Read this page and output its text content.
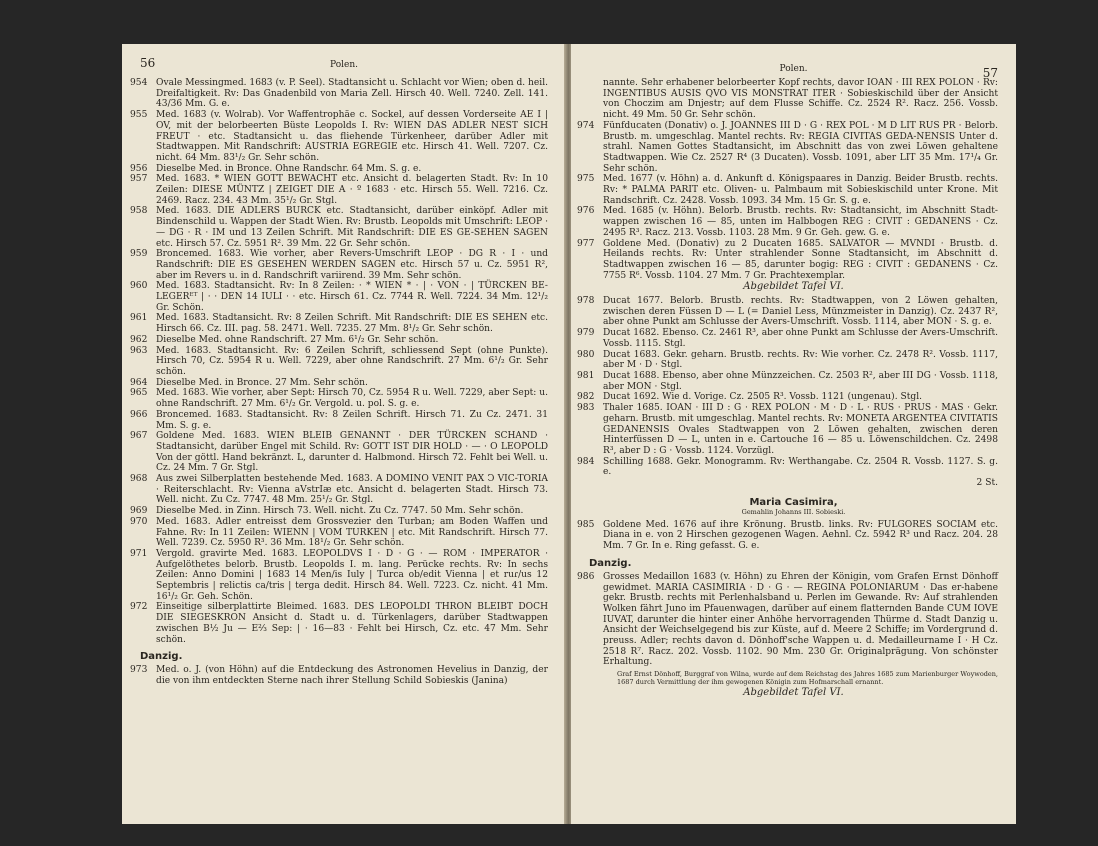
56	Polen.
954 Ovale Messingmed. 1683 (v. P. Seel). Stadtansicht u. Schlacht vor Wien; oben d. heil. Dreifaltigkeit. Rv: Das Gnadenbild von Maria Zell. Hirsch 40. Well. 7240. Zell. 141. 43/36 Mm. G. e.
955 Med. 1683 (v. Wolrab). Vor Waffentrophäe c. Sockel, auf dessen Vorderseite AE I | OV, mit der belorbeerten Büste Leopolds I. Rv: WIEN DAS ADLER NEST SICH FREUT · etc. Stadtansicht u. das fliehende Türkenheer, darüber Adler mit Stadtwappen. Mit Randschrift: AUSTRIA EGREGIE etc. Hirsch 41. Well. 7207. Cz. nicht. 64 Mm. 83¹/₂ Gr. Sehr schön.
956 Dieselbe Med. in Bronce. Ohne Randschr. 64 Mm. S. g. e.
957 Med. 1683. * WIEN GOTT BEWACHT etc. Ansicht d. belagerten Stadt. Rv: In 10 Zeilen: DIESE MÜNTZ | ZEIGET DIE A · º 1683 · etc. Hirsch 55. Well. 7216. Cz. 2469. Racz. 234. 43 Mm. 35¹/₂ Gr. Stgl.
958 Med. 1683. DIE ADLERS BURCK etc. Stadtansicht, darüber einköpf. Adler mit Bindenschild u. Wappen der Stadt Wien. Rv: Brustb. Leopolds mit Umschrift: LEOP · — DG · R · IM und 13 Zeilen Schrift. Mit Randschrift: DIE ES GE-SEHEN SAGEN etc. Hirsch 57. Cz. 5951 R². 39 Mm. 22 Gr. Sehr schön.
959 Broncemed. 1683. Wie vorher, aber Revers-Umschrift LEOP · DG R · I · und Randschrift: DIE ES GESEHEN WERDEN SAGEN etc. Hirsch 57 u. Cz. 5951 R², aber im Revers u. in d. Randschrift variirend. 39 Mm. Sehr schön.
960 Med. 1683. Stadtansicht. Rv: In 8 Zeilen: · * WIEN * · | · VON · | TÜRCKEN BE-LEGERᴱᵀ | · · DEN 14 IULI · · etc. Hirsch 61. Cz. 7744 R. Well. 7224. 34 Mm. 12¹/₂ Gr. Schön.
961 Med. 1683. Stadtansicht. Rv: 8 Zeilen Schrift. Mit Randschrift: DIE ES SEHEN etc. Hirsch 66. Cz. III. pag. 58. 2471. Well. 7235. 27 Mm. 8¹/₂ Gr. Sehr schön.
962 Dieselbe Med. ohne Randschrift. 27 Mm. 6¹/₂ Gr. Sehr schön.
963 Med. 1683. Stadtansicht. Rv: 6 Zeilen Schrift, schliessend Sept (ohne Punkte). Hirsch 70, Cz. 5954 R u. Well. 7229, aber ohne Randschrift. 27 Mm. 6¹/₂ Gr. Sehr schön.
964 Dieselbe Med. in Bronce. 27 Mm. Sehr schön.
965 Med. 1683. Wie vorher, aber Sept: Hirsch 70, Cz. 5954 R u. Well. 7229, aber Sept: u. ohne Randschrift. 27 Mm. 6¹/₂ Gr. Vergold. u. pol. S. g. e.
966 Broncemed. 1683. Stadtansicht. Rv: 8 Zeilen Schrift. Hirsch 71. Zu Cz. 2471. 31 Mm. S. g. e.
967 Goldene Med. 1683. WIEN BLEIB GENANNT · DER TÜRCKEN SCHAND · Stadtansicht, darüber Engel mit Schild. Rv: GOTT IST DIR HOLD · — · O LEOPOLD Von der göttl. Hand bekränzt. L, darunter d. Halbmond. Hirsch 72. Fehlt bei Well. u. Cz. 24 Mm. 7 Gr. Stgl.
968 Aus zwei Silberplatten bestehende Med. 1683. A DOMINO VENIT PAX Ↄ VIC-TORIA · Reiterschlacht. Rv: Vienna aVstrIæ etc. Ansicht d. belagerten Stadt. Hirsch 73. Well. nicht. Zu Cz. 7747. 48 Mm. 25¹/₂ Gr. Stgl.
969 Dieselbe Med. in Zinn. Hirsch 73. Well. nicht. Zu Cz. 7747. 50 Mm. Sehr schön.
970 Med. 1683. Adler entreisst dem Grossvezier den Turban; am Boden Waffen und Fahne. Rv: In 11 Zeilen: WIENN | VOM TURKEN | etc. Mit Randschrift. Hirsch 77. Well. 7239. Cz. 5950 R³. 36 Mm. 18¹/₂ Gr. Sehr schön.
971 Vergold. gravirte Med. 1683. LEOPOLDVS I · D · G · — ROM · IMPERATOR · Aufgelöthetes belorb. Brustb. Leopolds I. m. lang. Perücke rechts. Rv: In sechs Zeilen: Anno Domini | 1683 14 Men/is Iuly | Turca ob/edit Vienna | et ruɾ/us 12 Septembris | relictis ca/tris | terga dedit. Hirsch 84. Well. 7223. Cz. nicht. 41 Mm. 16¹/₂ Gr. Geh. Schön.
972 Einseitige silberplattirte Bleimed. 1683. DES LEOPOLDI THRON BLEIBT DOCH DIE SIEGESKRON Ansicht d. Stadt u. d. Türkenlagers, darüber Stadtwappen zwischen B½ Ju — E⅔ Sep: | · 16—83 · Fehlt bei Hirsch, Cz. etc. 47 Mm. Sehr schön.
Danzig.
973 Med. o. J. (von Höhn) auf die Entdeckung des Astronomen Hevelius in Danzig, der die von ihm entdeckten Sterne nach ihrer Stellung Schild Sobieskis (Janina)
Polen.	57
nannte. Sehr erhabener belorbeerter Kopf rechts, davor IOAN · III REX POLON · Rv: INGENTIBUS AUSIS QVO VIS MONSTRAT ITER · Sobieskischild über der Ansicht von Choczim am Dnjestr; auf dem Flusse Schiffe. Cz. 2524 R². Racz. 256. Vossb. nicht. 49 Mm. 50 Gr. Sehr schön.
974 Fünfducaten (Donativ) o. J. JOANNES III D · G · REX POL · M D LIT RUS PR · Belorb. Brustb. m. umgeschlag. Mantel rechts. Rv: REGIA CIVITAS GEDA-NENSIS Unter d. strahl. Namen Gottes Stadtansicht, im Abschnitt das von zwei Löwen gehaltene Stadtwappen. Wie Cz. 2527 R⁴ (3 Ducaten). Vossb. 1091, aber LIT 35 Mm. 17¹/₄ Gr. Sehr schön.
975 Med. 1677 (v. Höhn) a. d. Ankunft d. Königspaares in Danzig. Beider Brustb. rechts. Rv: * PALMA PARIT etc. Oliven- u. Palmbaum mit Sobieskischild unter Krone. Mit Randschrift. Cz. 2428. Vossb. 1093. 34 Mm. 15 Gr. S. g. e.
976 Med. 1685 (v. Höhn). Belorb. Brustb. rechts. Rv: Stadtansicht, im Abschnitt Stadt-wappen zwischen 16 — 85, unten im Halbbogen REG : CIVIT : GEDANENS · Cz. 2495 R³. Racz. 213. Vossb. 1103. 28 Mm. 9 Gr. Geh. gew. G. e.
977 Goldene Med. (Donativ) zu 2 Ducaten 1685. SALVATOR — MVNDI · Brustb. d. Heilands rechts. Rv: Unter strahlender Sonne Stadtansicht, im Abschnitt d. Stadtwappen zwischen 16 — 85, darunter bogig: REG : CIVIT : GEDANENS · Cz. 7755 R⁶. Vossb. 1104. 27 Mm. 7 Gr. Prachtexemplar.
Abgebildet Tafel VI.
978 Ducat 1677. Belorb. Brustb. rechts. Rv: Stadtwappen, von 2 Löwen gehalten, zwischen deren Füssen D — L (= Daniel Less, Münzmeister in Danzig). Cz. 2437 R², aber ohne Punkt am Schlusse der Avers-Umschrift. Vossb. 1114, aber MON · S. g. e.
979 Ducat 1682. Ebenso. Cz. 2461 R³, aber ohne Punkt am Schlusse der Avers-Umschrift. Vossb. 1115. Stgl.
980 Ducat 1683. Gekr. geharn. Brustb. rechts. Rv: Wie vorher. Cz. 2478 R². Vossb. 1117, aber M · D · Stgl.
981 Ducat 1688. Ebenso, aber ohne Münzzeichen. Cz. 2503 R², aber III DG · Vossb. 1118, aber MON · Stgl.
982 Ducat 1692. Wie d. Vorige. Cz. 2505 R³. Vossb. 1121 (ungenau). Stgl.
983 Thaler 1685. IOAN · III D : G · REX POLON · M · D · L · RUS · PRUS · MAS · Gekr. geharn. Brustb. mit umgeschlag. Mantel rechts. Rv: MONETA ARGENTEA CIVITATIS GEDANENSIS Ovales Stadtwappen von 2 Löwen gehalten, zwischen deren Hinterfüssen D — L, unten in e. Cartouche 16 — 85 u. Löwenschildchen. Cz. 2498 R³, aber D : G · Vossb. 1124. Vorzügl.
984 Schilling 1688. Gekr. Monogramm. Rv: Werthangabe. Cz. 2504 R. Vossb. 1127. S. g. e.
2 St.
Maria Casimira,
Gemahlin Johanns III. Sobieski.
985 Goldene Med. 1676 auf ihre Krönung. Brustb. links. Rv: FULGORES SOCIAM etc. Diana in e. von 2 Hirschen gezogenen Wagen. Aehnl. Cz. 5942 R³ und Racz. 204. 28 Mm. 7 Gr. In e. Ring gefasst. G. e.
Danzig.
986 Grosses Medaillon 1683 (v. Höhn) zu Ehren der Königin, vom Grafen Ernst Dönhoff gewidmet. MARIA CASIMIRIA · D · G · — REGINA POLONIARUM · Das er-habene gekr. Brustb. rechts mit Perlenhalsband u. Perlen im Gewande. Rv: Auf strahlenden Wolken fährt Juno im Pfauenwagen, darüber auf einem flatternden Bande CUM IOVE IUVAT, darunter die hinter einer Anhöhe hervorragenden Thürme d. Stadt Danzig u. Ansicht der Weichselgegend bis zur Küste, auf d. Meere 2 Schiffe; im Vordergrund d. preuss. Adler; rechts davon d. Dönhoff'sche Wappen u. d. Medailleurname I · H Cz. 2518 R⁷. Racz. 202. Vossb. 1102. 90 Mm. 230 Gr. Originalprägung. Von schönster Erhaltung.
Graf Ernst Dönhoff, Burggraf von Wilna, wurde auf dem Reichstag des Jahres 1685 zum Marienburger Woywoden, 1687 durch Vermittlung der ihm gewogenen Königin zum Hofmarschall ernannt.
Abgebildet Tafel VI.
